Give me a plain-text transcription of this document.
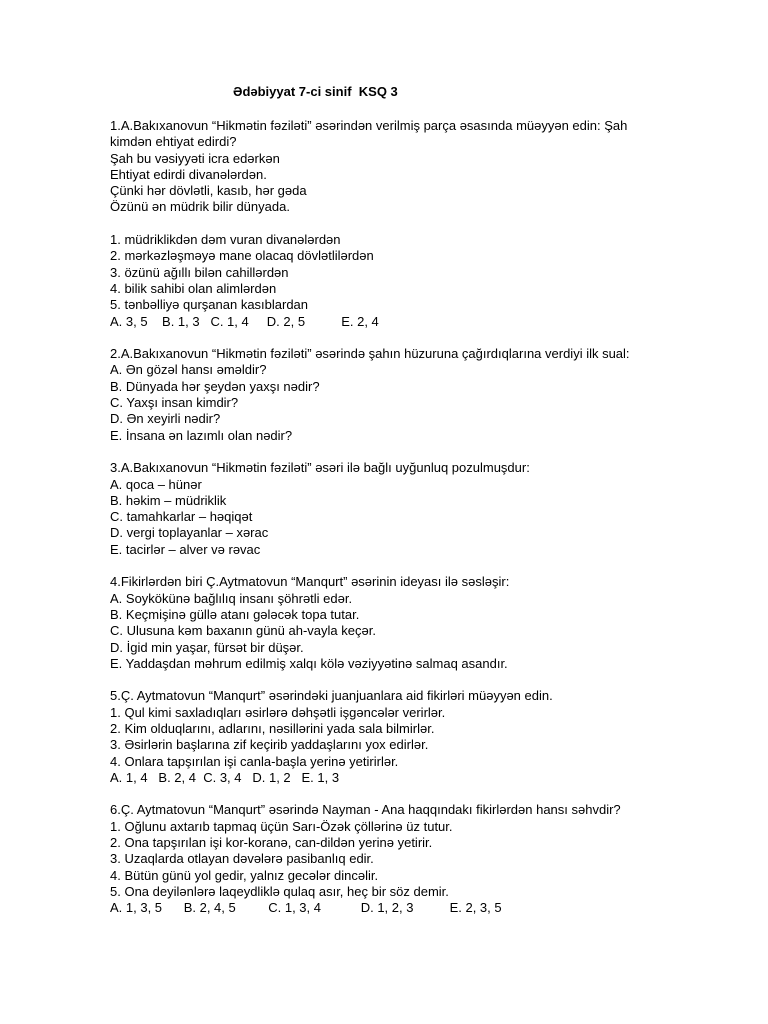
Ədəbiyyat 7-ci sinif  KSQ 3
1.A.Bakıxanovun “Hikmətin fəziləti” əsərindən verilmiş parça əsasında müəyyən edin: Şah kimdən ehtiyat edirdi?
Şah bu vəsiyyəti icra edərkən
Ehtiyat edirdi divanələrdən.
Çünki hər dövlətli, kasıb, hər gəda
Özünü ən müdrik bilir dünyada.
1. müdriklikdən dəm vuran divanələrdən
2. mərkəzləşməyə mane olacaq dövlətlilərdən
3. özünü ağıllı bilən cahillərdən
4. bilik sahibi olan alimlərdən
5. tənbəlliyə qurşanan kasıblardan
A. 3, 5    B. 1, 3   C. 1, 4     D. 2, 5          E. 2, 4
2.A.Bakıxanovun “Hikmətin fəziləti” əsərində şahın hüzuruna çağırdıqlarına verdiyi ilk sual:
A. Ən gözəl hansı əməldir?
B. Dünyada hər şeydən yaxşı nədir?
C. Yaxşı insan kimdir?
D. Ən xeyirli nədir?
E. İnsana ən lazımlı olan nədir?
3.A.Bakıxanovun “Hikmətin fəziləti” əsəri ilə bağlı uyğunluq pozulmuşdur:
A. qoca – hünər
B. həkim – müdriklik
C. tamahkarlar – həqiqət
D. vergi toplayanlar – xərac
E. tacirlər – alver və rəvac
4.Fikirlərdən biri Ç.Aytmatovun “Manqurt” əsərinin ideyası ilə səsləşir:
A. Soykökünə bağlılıq insanı şöhrətli edər.
B. Keçmişinə güllə atanı gələcək topa tutar.
C. Ulusuna kəm baxanın günü ah-vayla keçər.
D. İgid min yaşar, fürsət bir düşər.
E. Yaddaşdan məhrum edilmiş xalqı kölə vəziyyətinə salmaq asandır.
5.Ç. Aytmatovun “Manqurt” əsərindəki juanjuanlara aid fikirləri müəyyən edin.
1. Qul kimi saxladıqları əsirlərə dəhşətli işgəncələr verirlər.
2. Kim olduqlarını, adlarını, nəsillərini yada sala bilmirlər.
3. Əsirlərin başlarına zif keçirib yaddaşlarını yox edirlər.
4. Onlara tapşırılan işi canla-başla yerinə yetirirlər.
A. 1, 4   B. 2, 4  C. 3, 4   D. 1, 2   E. 1, 3
6.Ç. Aytmatovun “Manqurt” əsərində Nayman - Ana haqqındakı fikirlərdən hansı səhvdir?
1. Oğlunu axtarıb tapmaq üçün Sarı-Özək çöllərinə üz tutur.
2. Ona tapşırılan işi kor-koranə, can-dildən yerinə yetirir.
3. Uzaqlarda otlayan dəvələrə pasibanlıq edir.
4. Bütün günü yol gedir, yalnız gecələr dincəlir.
5. Ona deyilənlərə laqeydliklə qulaq asır, heç bir söz demir.
A. 1, 3, 5      B. 2, 4, 5         C. 1, 3, 4           D. 1, 2, 3          E. 2, 3, 5
